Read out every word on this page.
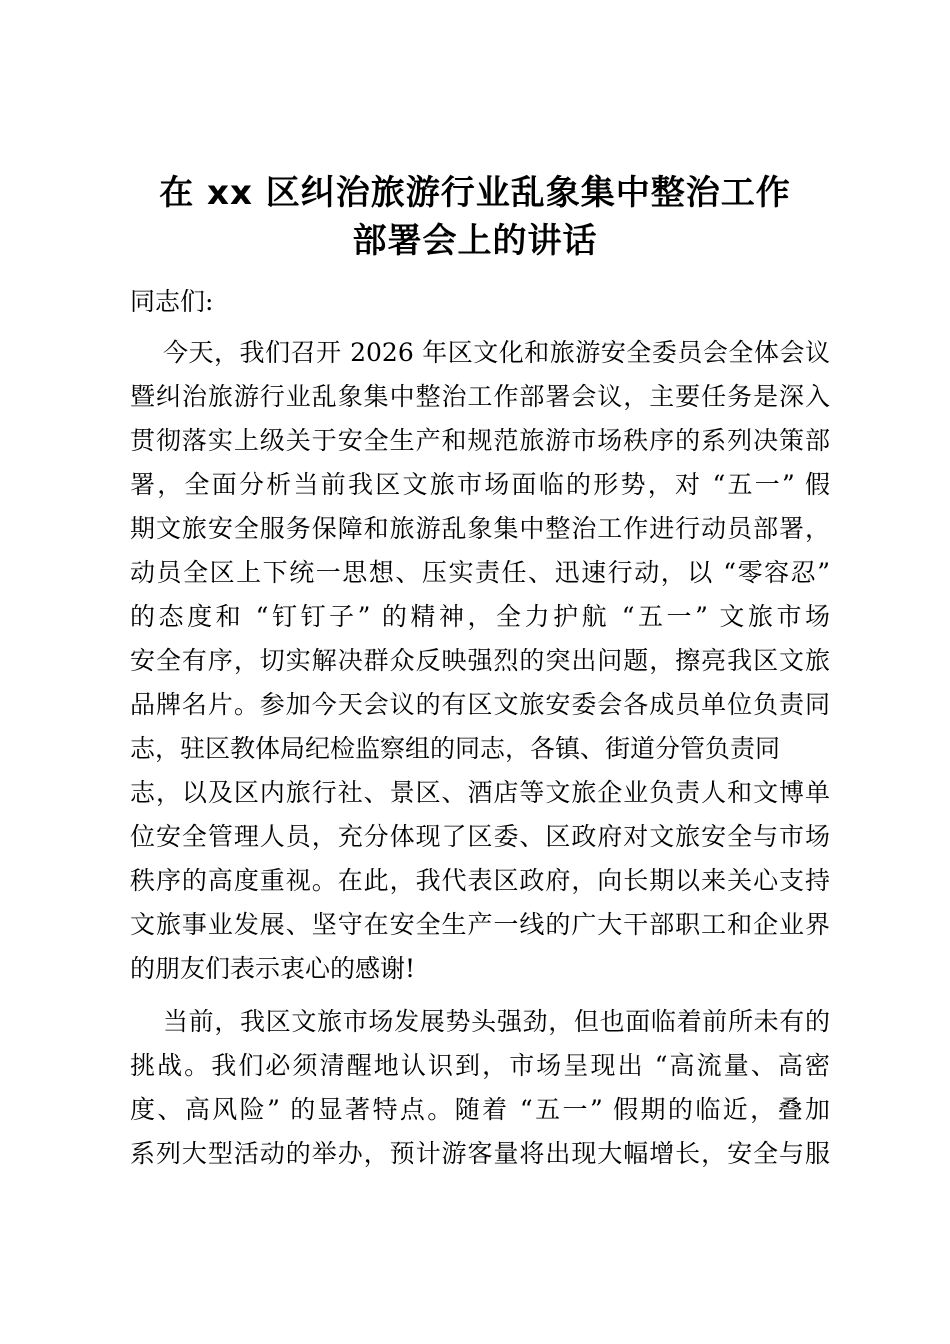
在 xx 区纠治旅游行业乱象集中整治工作
部署会上的讲话
同志们:
今天，我们召开 2026 年区文化和旅游安全委员会全体会议
暨纠治旅游行业乱象集中整治工作部署会议，主要任务是深入
贯彻落实上级关于安全生产和规范旅游市场秩序的系列决策部
署，全面分析当前我区文旅市场面临的形势，对 “五一” 假
期文旅安全服务保障和旅游乱象集中整治工作进行动员部署，
动员全区上下统一思想、压实责任、迅速行动，以 “零容忍”
的态度和 “钉钉子” 的精神，全力护航 “五一” 文旅市场
安全有序，切实解决群众反映强烈的突出问题，擦亮我区文旅
品牌名片。参加今天会议的有区文旅安委会各成员单位负责同
志，驻区教体局纪检监察组的同志，各镇、街道分管负责同
志，以及区内旅行社、景区、酒店等文旅企业负责人和文博单
位安全管理人员，充分体现了区委、区政府对文旅安全与市场
秩序的高度重视。在此，我代表区政府，向长期以来关心支持
文旅事业发展、坚守在安全生产一线的广大干部职工和企业界
的朋友们表示衷心的感谢!
当前，我区文旅市场发展势头强劲，但也面临着前所未有的
挑战。我们必须清醒地认识到，市场呈现出 “高流量、高密
度、高风险” 的显著特点。随着 “五一” 假期的临近，叠加
系列大型活动的举办，预计游客量将出现大幅增长，安全与服
